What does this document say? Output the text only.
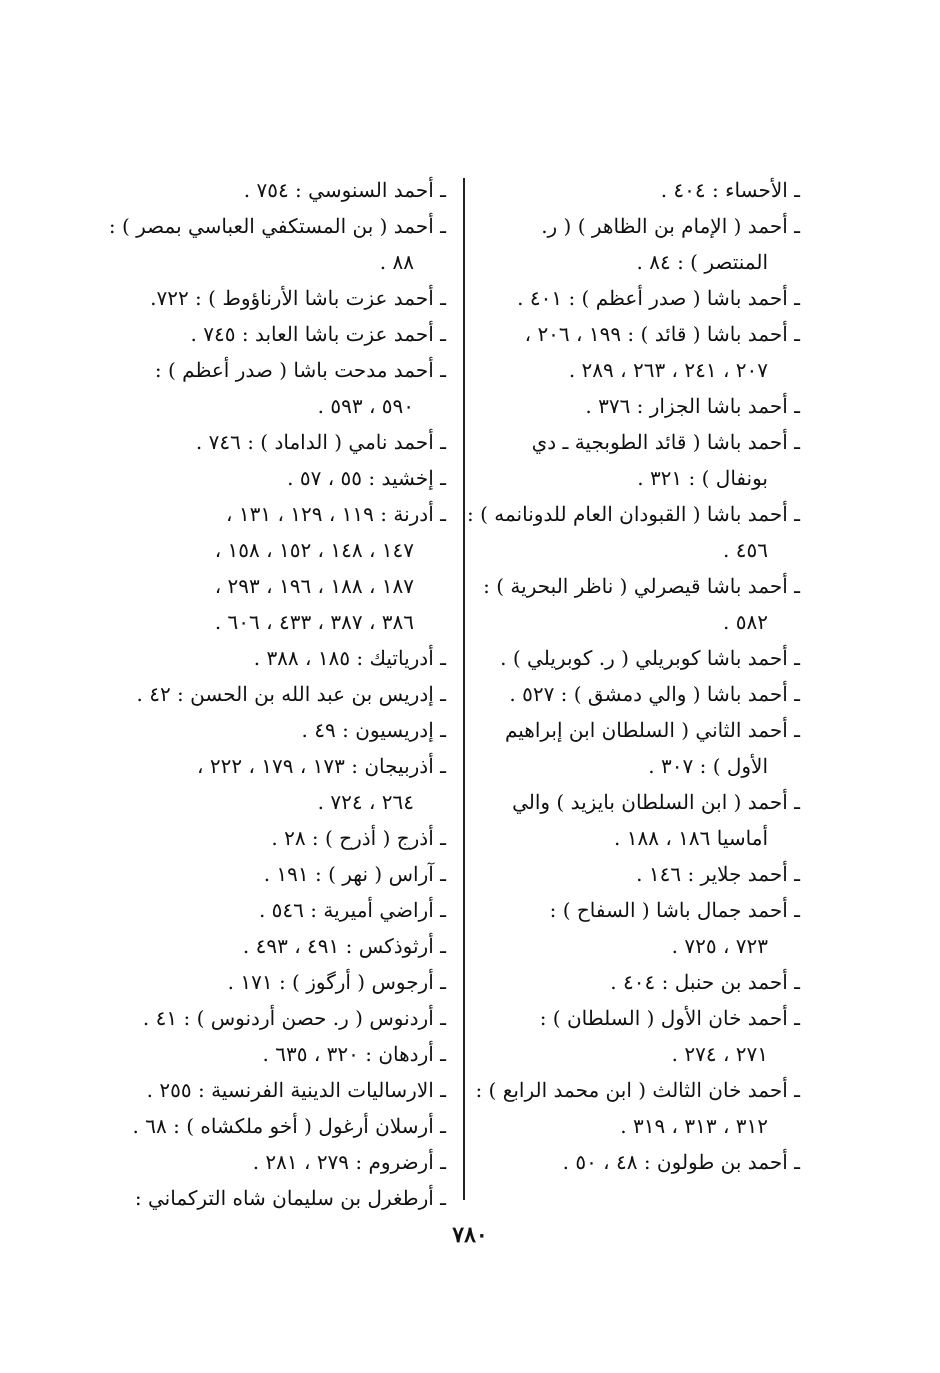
ـ الأحساء : ٤٠٤ .
ـ أحمد ( الإمام بن الظاهر ) ( ر.
المنتصر ) : ٨٤ .
ـ أحمد باشا ( صدر أعظم ) : ٤٠١ .
ـ أحمد باشا ( قائد ) : ١٩٩ ، ٢٠٦ ،
٢٠٧ ، ٢٤١ ، ٢٦٣ ، ٢٨٩ .
ـ أحمد باشا الجزار : ٣٧٦ .
ـ أحمد باشا ( قائد الطوبجية ـ دي
بونفال ) : ٣٢١ .
ـ أحمد باشا ( القبودان العام للدونانمه ) :
٤٥٦ .
ـ أحمد باشا قيصرلي ( ناظر البحرية ) :
٥٨٢ .
ـ أحمد باشا كوبريلي ( ر. كوبريلي ) .
ـ أحمد باشا ( والي دمشق ) : ٥٢٧ .
ـ أحمد الثاني ( السلطان ابن إبراهيم
الأول ) : ٣٠٧ .
ـ أحمد ( ابن السلطان بايزيد ) والي
أماسيا ١٨٦ ، ١٨٨ .
ـ أحمد جلاير : ١٤٦ .
ـ أحمد جمال باشا ( السفاح ) :
٧٢٣ ، ٧٢٥ .
ـ أحمد بن حنبل : ٤٠٤ .
ـ أحمد خان الأول ( السلطان ) :
٢٧١ ، ٢٧٤ .
ـ أحمد خان الثالث ( ابن محمد الرابع ) :
٣١٢ ، ٣١٣ ، ٣١٩ .
ـ أحمد بن طولون : ٤٨ ، ٥٠ .
ـ أحمد السنوسي : ٧٥٤ .
ـ أحمد ( بن المستكفي العباسي بمصر ) :
٨٨ .
ـ أحمد عزت باشا الأرناؤوط ) : ٧٢٢.
ـ أحمد عزت باشا العابد : ٧٤٥ .
ـ أحمد مدحت باشا ( صدر أعظم ) :
٥٩٠ ، ٥٩٣ .
ـ أحمد نامي ( الداماد ) : ٧٤٦ .
ـ إخشيد : ٥٥ ، ٥٧ .
ـ أدرنة : ١١٩ ، ١٢٩ ، ١٣١ ،
١٤٧ ، ١٤٨ ، ١٥٢ ، ١٥٨ ،
١٨٧ ، ١٨٨ ، ١٩٦ ، ٢٩٣ ،
٣٨٦ ، ٣٨٧ ، ٤٣٣ ، ٦٠٦ .
ـ أدرياتيك : ١٨٥ ، ٣٨٨ .
ـ إدريس بن عبد الله بن الحسن : ٤٢ .
ـ إدريسيون : ٤٩ .
ـ أذربيجان : ١٧٣ ، ١٧٩ ، ٢٢٢ ،
٢٦٤ ، ٧٢٤ .
ـ أذرج ( أذرح ) : ٢٨ .
ـ آراس ( نهر ) : ١٩١ .
ـ أراضي أميرية : ٥٤٦ .
ـ أرثوذكس : ٤٩١ ، ٤٩٣ .
ـ أرجوس ( أرگوز ) : ١٧١ .
ـ أردنوس ( ر. حصن أردنوس ) : ٤١ .
ـ أردهان : ٣٢٠ ، ٦٣٥ .
ـ الارساليات الدينية الفرنسية : ٢٥٥ .
ـ أرسلان أرغول ( أخو ملكشاه ) : ٦٨ .
ـ أرضروم : ٢٧٩ ، ٢٨١ .
ـ أرطغرل بن سليمان شاه التركماني :
٧٨٠
